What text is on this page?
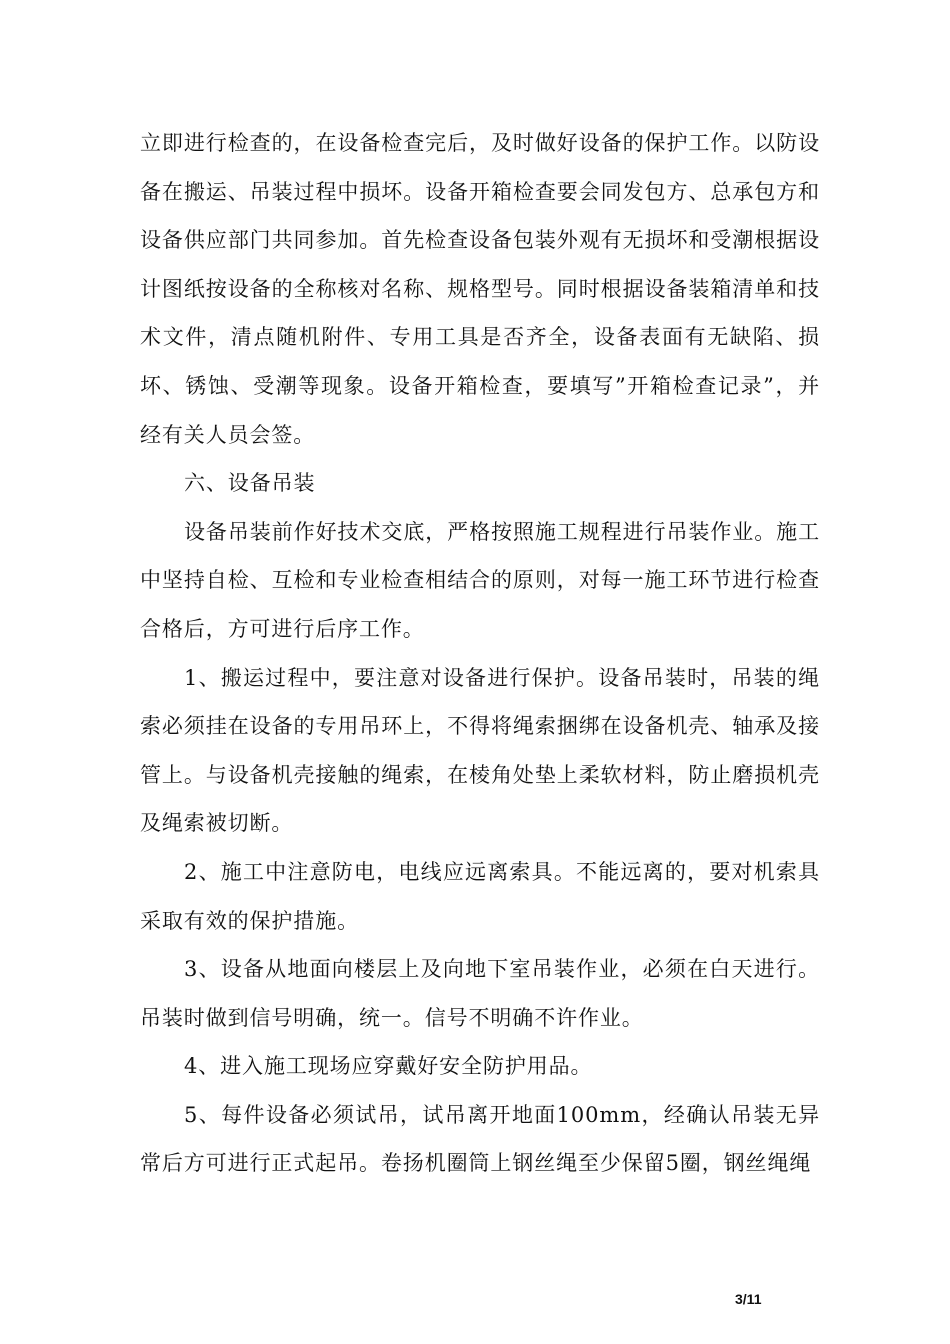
立即进行检查的，在设备检查完后，及时做好设备的保护工作。以防设备在搬运、吊装过程中损坏。设备开箱检查要会同发包方、总承包方和设备供应部门共同参加。首先检查设备包装外观有无损坏和受潮根据设计图纸按设备的全称核对名称、规格型号。同时根据设备装箱清单和技术文件，清点随机附件、专用工具是否齐全，设备表面有无缺陷、损坏、锈蚀、受潮等现象。设备开箱检查，要填写”开箱检查记录”，并经有关人员会签。

六、设备吊装

设备吊装前作好技术交底，严格按照施工规程进行吊装作业。施工中坚持自检、互检和专业检查相结合的原则，对每一施工环节进行检查合格后，方可进行后序工作。

1、搬运过程中，要注意对设备进行保护。设备吊装时，吊装的绳索必须挂在设备的专用吊环上，不得将绳索捆绑在设备机壳、轴承及接管上。与设备机壳接触的绳索，在棱角处垫上柔软材料，防止磨损机壳及绳索被切断。

2、施工中注意防电，电线应远离索具。不能远离的，要对机索具采取有效的保护措施。

3、设备从地面向楼层上及向地下室吊装作业，必须在白天进行。吊装时做到信号明确，统一。信号不明确不许作业。

4、进入施工现场应穿戴好安全防护用品。

5、每件设备必须试吊，试吊离开地面100mm，经确认吊装无异常后方可进行正式起吊。卷扬机圈筒上钢丝绳至少保留5圈，钢丝绳绳

3/11
